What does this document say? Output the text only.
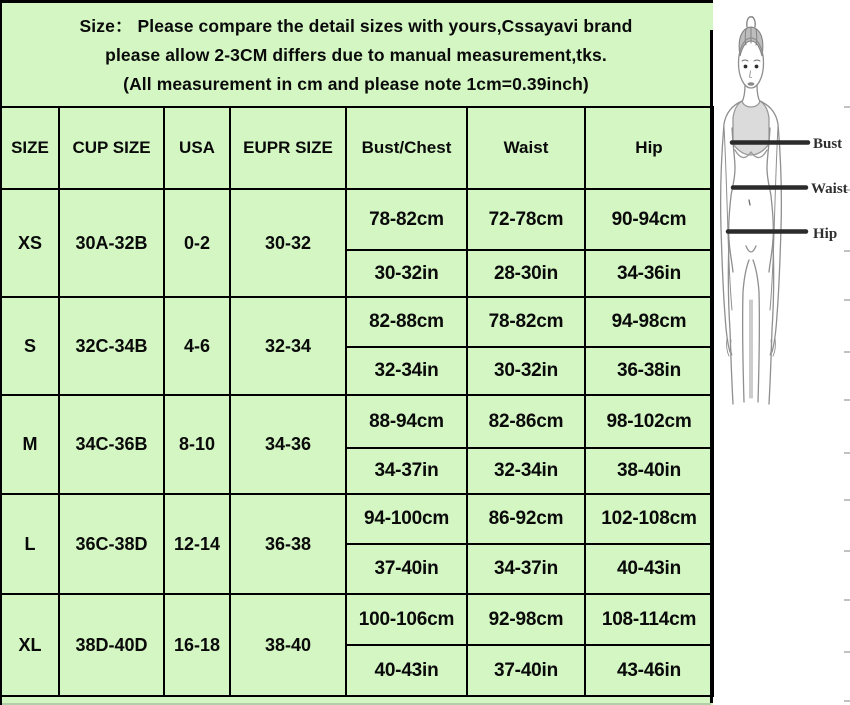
Size： Please compare the detail sizes with yours,Cssayavi brand
please allow 2-3CM differs due to manual measurement,tks.
(All measurement in cm and please note 1cm=0.39inch)
SIZE	CUP SIZE	USA	EUPR SIZE	Bust/Chest	Waist	Hip
XS	30A-32B	0-2	30-32	78-82cm	72-78cm	90-94cm
				30-32in	28-30in	34-36in
S	32C-34B	4-6	32-34	82-88cm	78-82cm	94-98cm
				32-34in	30-32in	36-38in
M	34C-36B	8-10	34-36	88-94cm	82-86cm	98-102cm
				34-37in	32-34in	38-40in
L	36C-38D	12-14	36-38	94-100cm	86-92cm	102-108cm
				37-40in	34-37in	40-43in
XL	38D-40D	16-18	38-40	100-106cm	92-98cm	108-114cm
				40-43in	37-40in	43-46in
Bust
Waist
Hip
